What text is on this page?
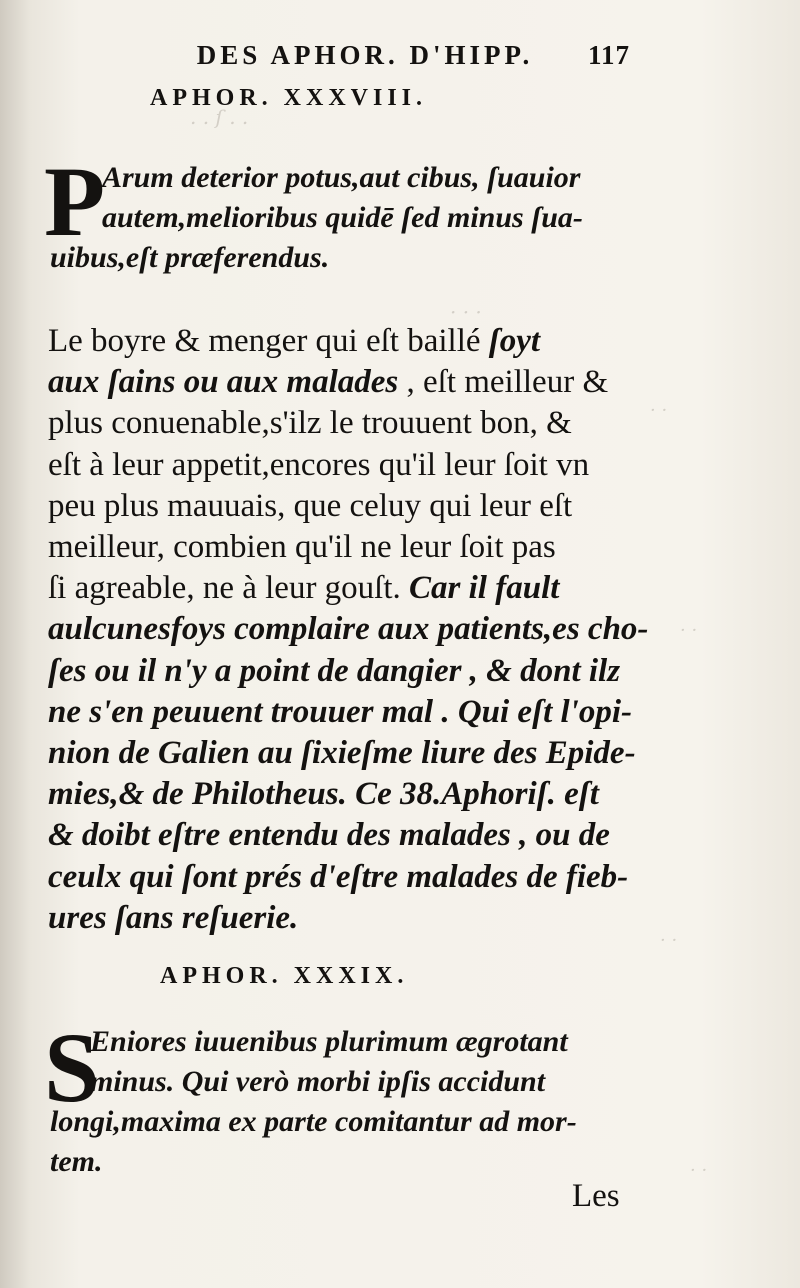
. . ſ . .
· · ·
· ·
· ·
· ·
· ·
DES APHOR. D'HIPP. 117
APHOR. XXXVIII.
P
Arum deterior potus,aut cibus, ſuauior
autem,melioribus quidē ſed minus ſua-
uibus,eſt præferendus.
Le boyre & menger qui eſt baillé ſoyt
aux ſains ou aux malades , eſt meilleur &
plus conuenable,s'ilz le trouuent bon, &
eſt à leur appetit,encores qu'il leur ſoit vn
peu plus mauuais, que celuy qui leur eſt
meilleur, combien qu'il ne leur ſoit pas
ſi agreable, ne à leur gouſt. Car il fault
aulcunesfoys complaire aux patients,es cho-
ſes ou il n'y a point de dangier , & dont ilz
ne s'en peuuent trouuer mal . Qui eſt l'opi-
nion de Galien au ſixieſme liure des Epide-
mies,& de Philotheus. Ce 38.Aphoriſ. eſt
& doibt eſtre entendu des malades , ou de
ceulx qui ſont prés d'eſtre malades de fieb-
ures ſans reſuerie.
APHOR. XXXIX.
S
Eniores iuuenibus plurimum ægrotant
minus. Qui verò morbi ipſis accidunt
longi,maxima ex parte comitantur ad mor-
tem.
Les
